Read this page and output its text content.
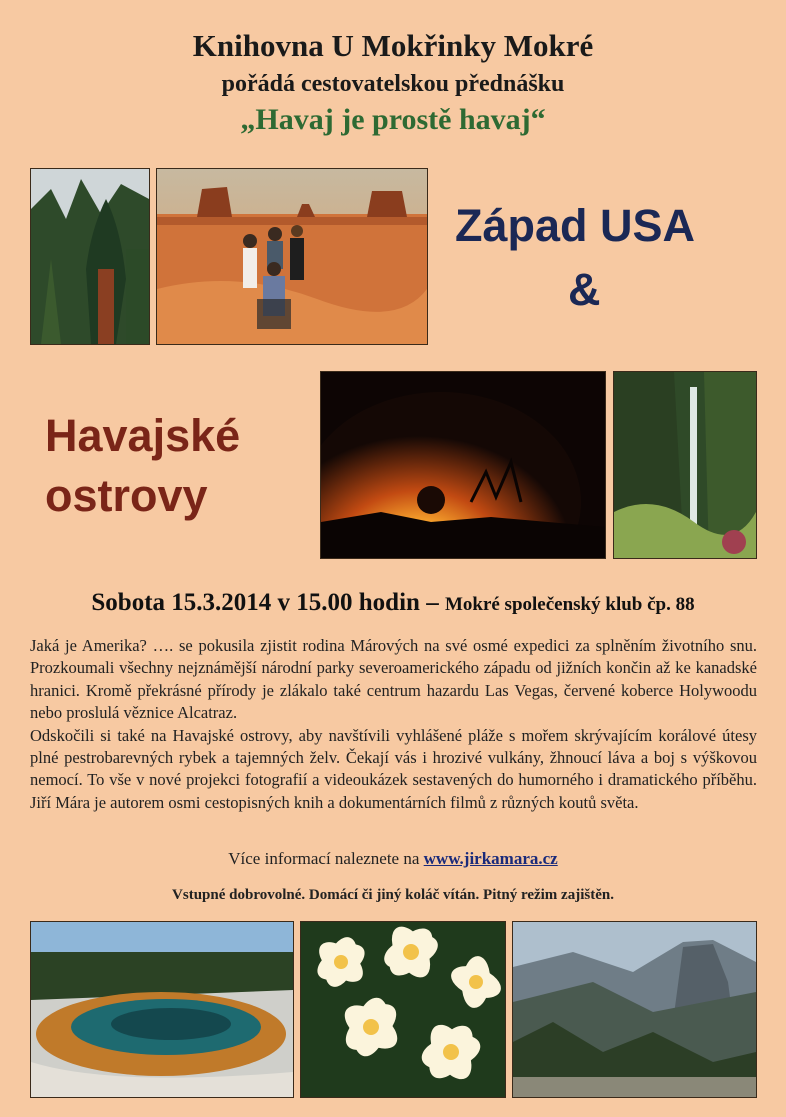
Knihovna U Mokřinky Mokré
pořádá cestovatelskou přednášku
„Havaj je prostě havaj“
Západ USA
&
Havajské
ostrovy
Sobota 15.3.2014 v 15.00 hodin – Mokré společenský klub čp. 88

Jaká je Amerika? …. se pokusila zjistit rodina Márových na své osmé expedici za splněním životního snu. Prozkoumali všechny nejznámější národní parky severoamerického západu od jižních končin až ke kanadské hranici. Kromě překrásné přírody je zlákalo také centrum hazardu Las Vegas, červené koberce Holywoodu nebo proslulá věznice Alcatraz.

Odskočili si také na Havajské ostrovy, aby navštívili vyhlášené pláže s mořem skrývajícím korálové útesy plné pestrobarevných rybek a tajemných želv. Čekají vás i hrozivé vulkány, žhnoucí láva a boj s výškovou nemocí. To vše v nové projekci fotografií a videoukázek sestavených do humorného i dramatického příběhu. Jiří Mára je autorem osmi cestopisných knih a dokumentárních filmů z různých koutů světa.

Více informací naleznete na www.jirkamara.cz
Vstupné dobrovolné. Domácí či jiný koláč vítán. Pitný režim zajištěn.
